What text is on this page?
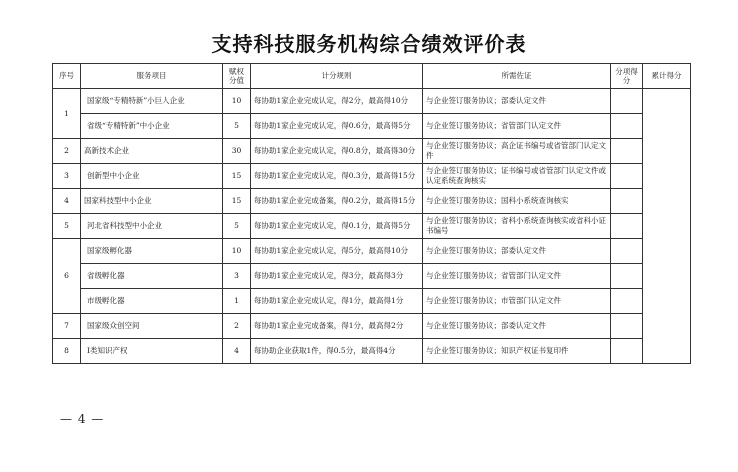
支持科技服务机构综合绩效评价表
序号	服务项目	赋权分值	计分规则	所需佐证	分项得分	累计得分
1	国家级“专精特新”小巨人企业	10	每协助1家企业完成认定，得2分，最高得10分	与企业签订服务协议；部委认定文件		
	省级“专精特新”中小企业	5	每协助1家企业完成认定，得0.6分，最高得5分	与企业签订服务协议；省管部门认定文件		
2	高新技术企业	30	每协助1家企业完成认定，得0.8分，最高得30分	与企业签订服务协议；高企证书编号或省管部门认定文件		
3	创新型中小企业	15	每协助1家企业完成认定，得0.3分，最高得15分	与企业签订服务协议；证书编号或省管部门认定文件或认定系统查询核实		
4	国家科技型中小企业	15	每协助1家企业完成备案，得0.2分，最高得15分	与企业签订服务协议；国科小系统查询核实		
5	河北省科技型中小企业	5	每协助1家企业完成认定，得0.1分，最高得5分	与企业签订服务协议；省科小系统查询核实或省科小证书编号		
6	国家级孵化器	10	每协助1家企业完成认定，得5分，最高得10分	与企业签订服务协议；部委认定文件		
	省级孵化器	3	每协助1家企业完成认定，得3分，最高得3分	与企业签订服务协议；省管部门认定文件		
	市级孵化器	1	每协助1家企业完成认定，得1分，最高得1分	与企业签订服务协议；市管部门认定文件		
7	国家级众创空间	2	每协助1家企业完成备案，得1分，最高得2分	与企业签订服务协议；部委认定文件		
8	I类知识产权	4	每协助企业获取1件，得0.5分，最高得4分	与企业签订服务协议；知识产权证书复印件		
— 4 —
